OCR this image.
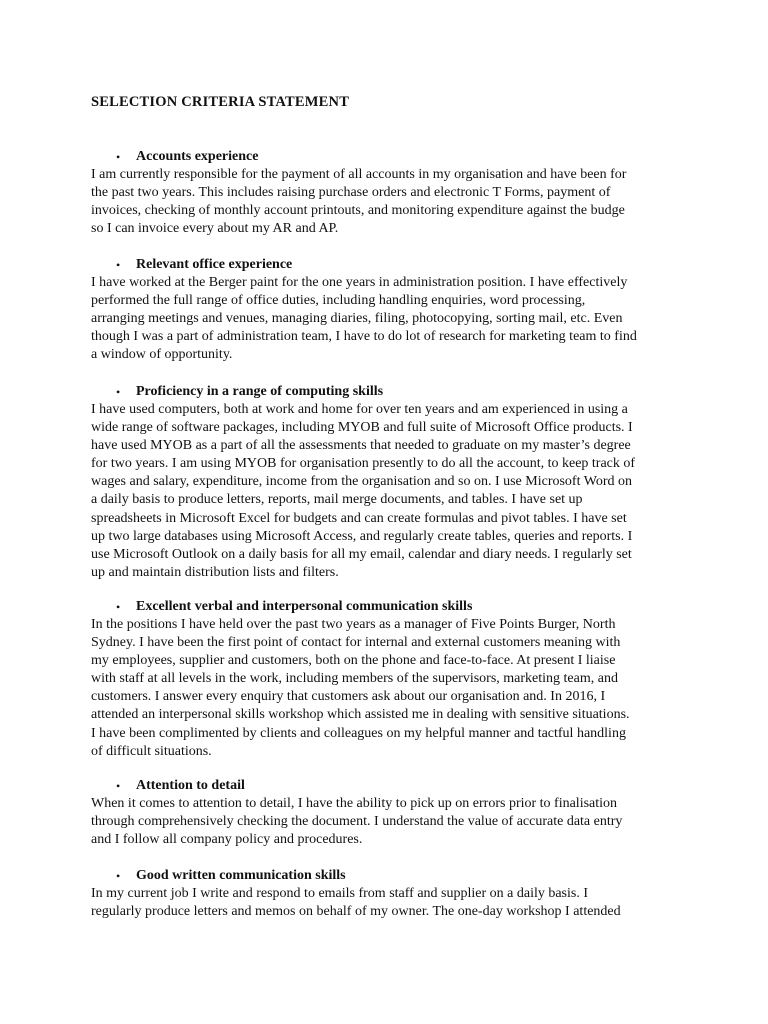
SELECTION CRITERIA STATEMENT
• Accounts experience
I am currently responsible for the payment of all accounts in my organisation and have been for
the past two years. This includes raising purchase orders and electronic T Forms, payment of
invoices, checking of monthly account printouts, and monitoring expenditure against the budge
so I can invoice every about my AR and AP.
• Relevant office experience
I have worked at the Berger paint for the one years in administration position. I have effectively
performed the full range of office duties, including handling enquiries, word processing,
arranging meetings and venues, managing diaries, filing, photocopying, sorting mail, etc. Even
though I was a part of administration team, I have to do lot of research for marketing team to find
a window of opportunity.
• Proficiency in a range of computing skills
I have used computers, both at work and home for over ten years and am experienced in using a
wide range of software packages, including MYOB and full suite of Microsoft Office products. I
have used MYOB as a part of all the assessments that needed to graduate on my master’s degree
for two years. I am using MYOB for organisation presently to do all the account, to keep track of
wages and salary, expenditure, income from the organisation and so on. I use Microsoft Word on
a daily basis to produce letters, reports, mail merge documents, and tables. I have set up
spreadsheets in Microsoft Excel for budgets and can create formulas and pivot tables. I have set
up two large databases using Microsoft Access, and regularly create tables, queries and reports. I
use Microsoft Outlook on a daily basis for all my email, calendar and diary needs. I regularly set
up and maintain distribution lists and filters.
• Excellent verbal and interpersonal communication skills
In the positions I have held over the past two years as a manager of Five Points Burger, North
Sydney. I have been the first point of contact for internal and external customers meaning with
my employees, supplier and customers, both on the phone and face-to-face. At present I liaise
with staff at all levels in the work, including members of the supervisors, marketing team, and
customers. I answer every enquiry that customers ask about our organisation and. In 2016, I
attended an interpersonal skills workshop which assisted me in dealing with sensitive situations.
I have been complimented by clients and colleagues on my helpful manner and tactful handling
of difficult situations.
• Attention to detail
When it comes to attention to detail, I have the ability to pick up on errors prior to finalisation
through comprehensively checking the document. I understand the value of accurate data entry
and I follow all company policy and procedures.
• Good written communication skills
In my current job I write and respond to emails from staff and supplier on a daily basis. I
regularly produce letters and memos on behalf of my owner. The one-day workshop I attended
